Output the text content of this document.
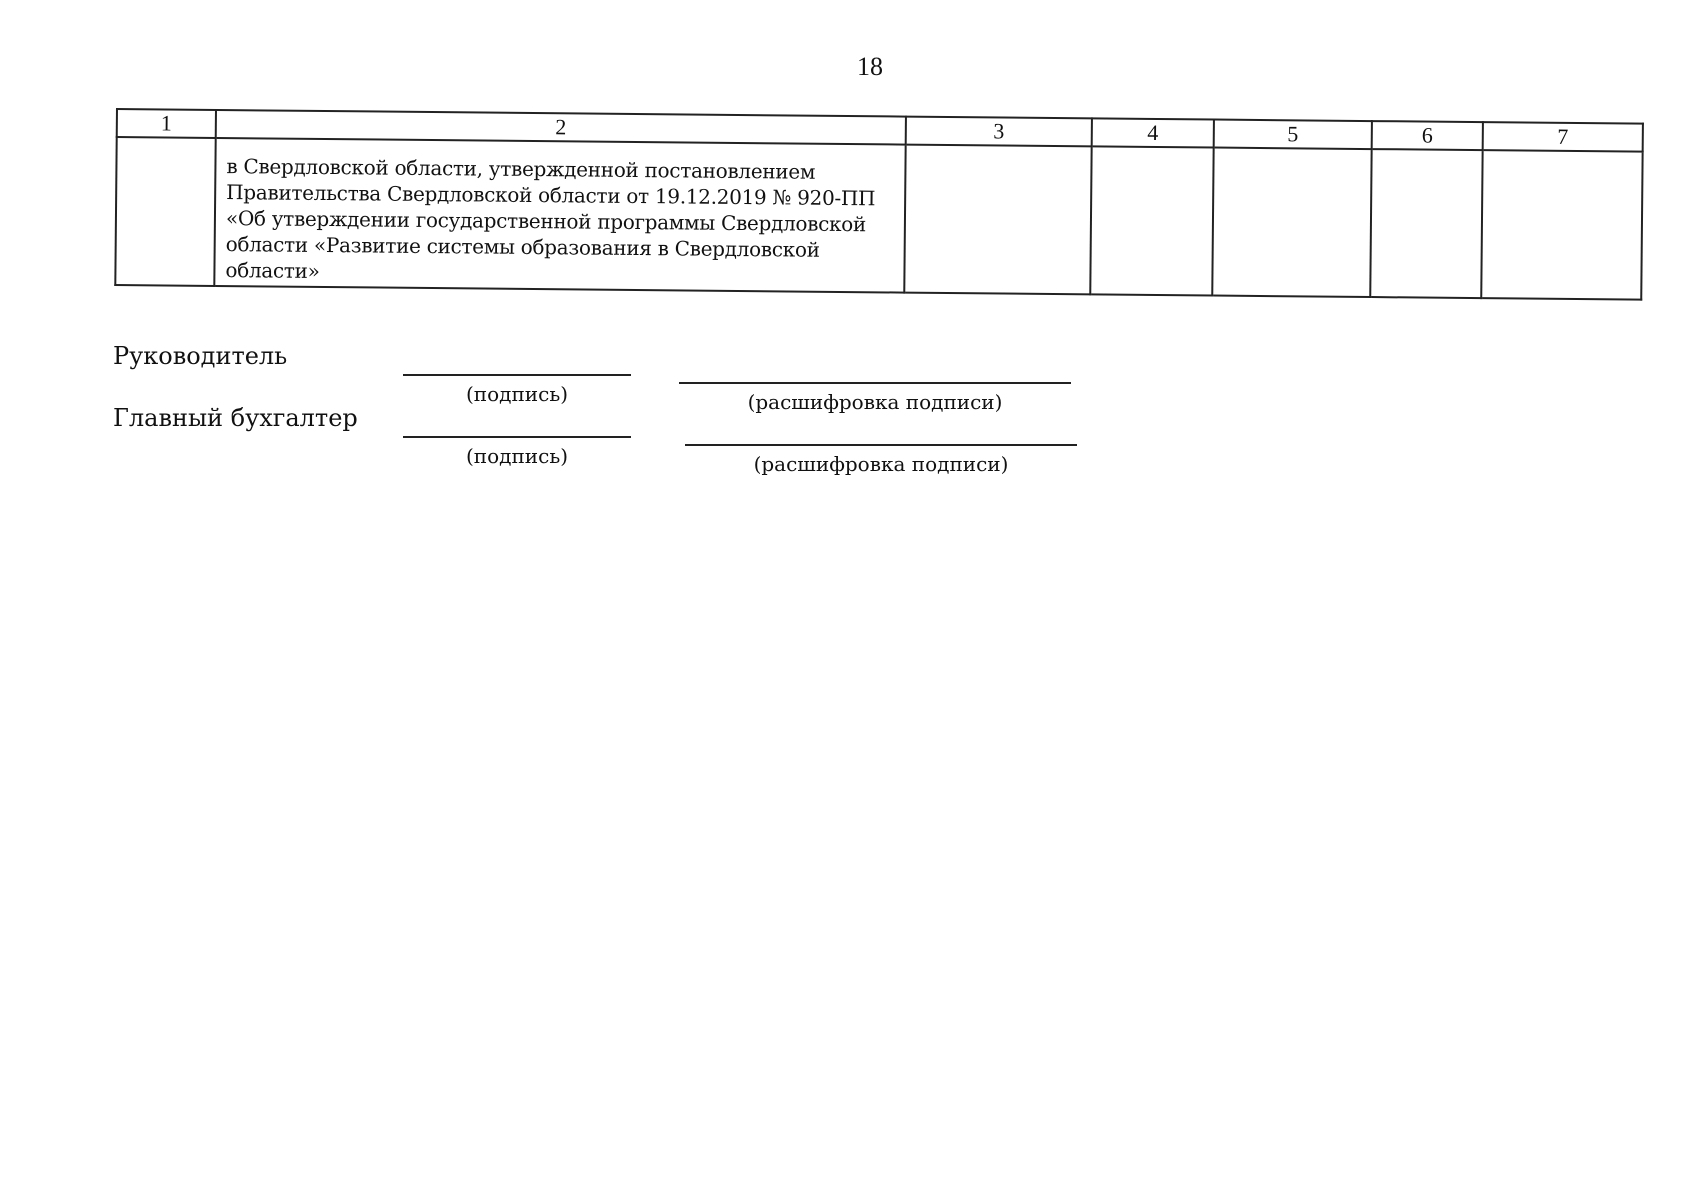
18
1	2	3	4	5	6	7
	в Свердловской области, утвержденной постановлением Правительства Свердловской области от 19.12.2019 № 920-ПП «Об утверждении государственной программы Свердловской области «Развитие системы образования в Свердловской области»					
Руководитель
(подпись)	(расшифровка подписи)
Главный бухгалтер
(подпись)	(расшифровка подписи)
